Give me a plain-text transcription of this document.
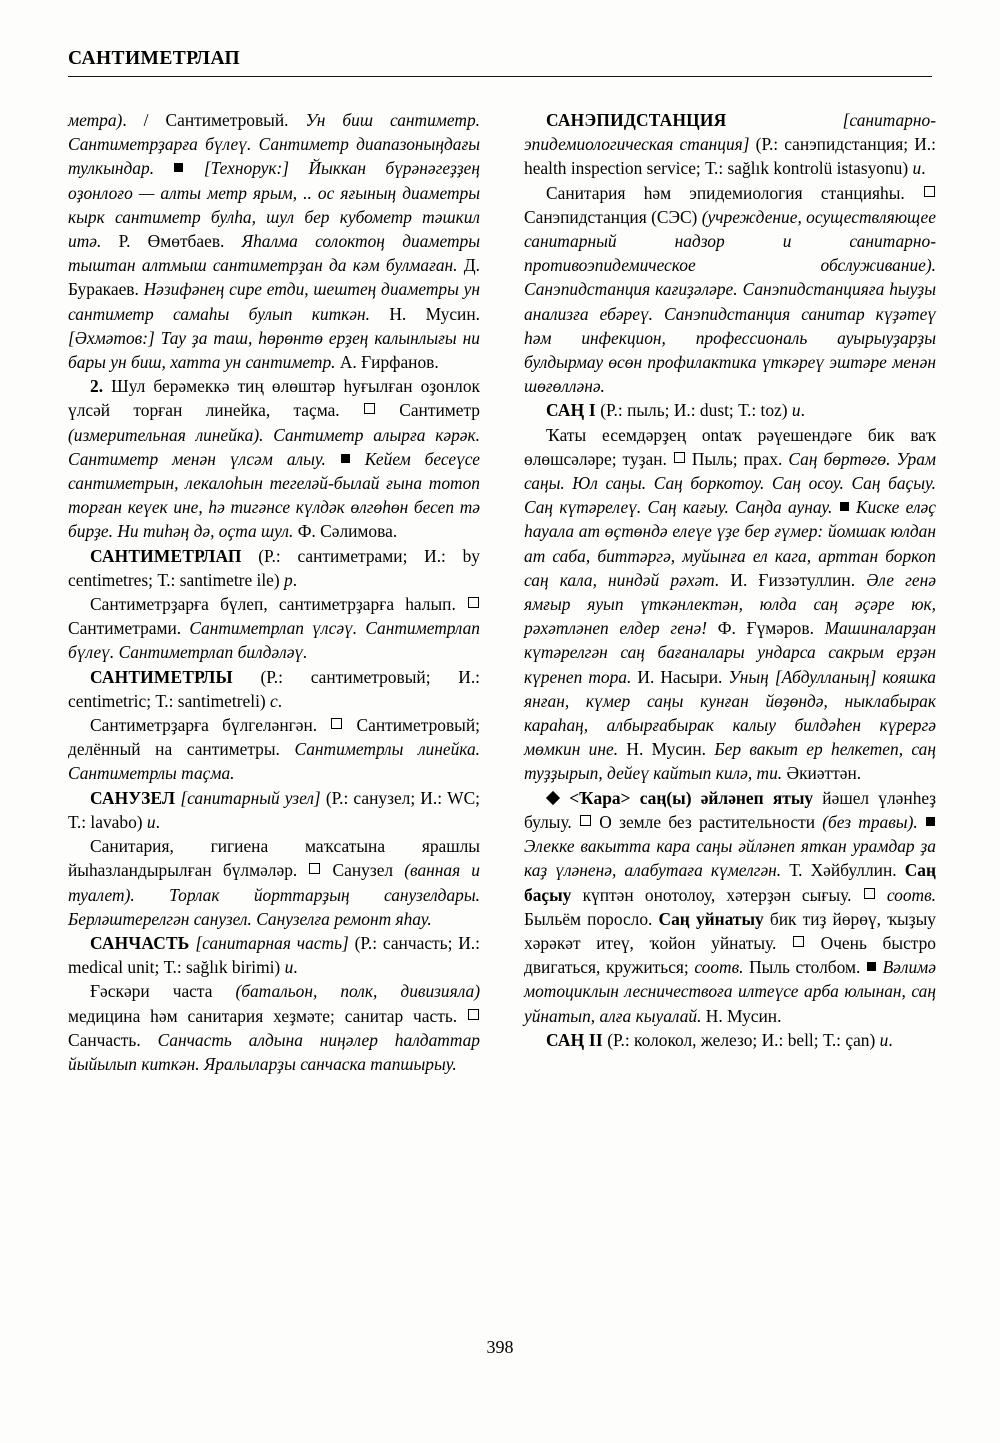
САНТИМЕТРЛАП

метра). / Сантиметровый. Ун биш сантиметр. Сантиметрҙарға бүлеү. Сантиметр диапазоныңдағы тулкындар.	[Технорук:] Йыккан бүрәнәгеҙҙең оҙонлоғо — алты метр ярым, .. ос яғының диаметры кырк сантиметр булһа, шул бер кубометр тәшкил итә. Р. Өмөтбаев. Яһалма солоктоң диаметры тыштан алтмыш сантиметрҙан да кәм булмаған. Д. Буракаев. Нәзифәнең сире етди, шештең диаметры ун сантиметр самаһы булып киткән. Н. Мусин. [Әхмәтов:] Тау ҙа таш, һөрөнтө ерҙең калынлығы ни бары ун биш, хатта ун сантиметр. А. Ғирфанов.

2. Шул берәмеккә тиң өлөштәр һуғылған оҙонлок үлсәй торған линейка, таҫма.  Сантиметр (измерительная линейка). Сантиметр алырға кәрәк. Сантиметр менән үлсәм алыу. Кейем бесеүсе сантиметрын, лекалоһын тегеләй-былай ғына тотоп торған кеүек ине, һә тигәнсе күлдәк өлгөһөн бесеп тә бирҙе. Ни тиһәң дә, оҫта шул. Ф. Сәлимова.

САНТИМЕТРЛАП (Р.: сантиметрами; И.: by centimetres; Т.: santimetre ile) p.

Сантиметрҙарға бүлеп, сантиметрҙарға һалып.  Сантиметрами. Сантиметрлап үлсәү. Сантиметрлап бүлеү. Сантиметрлап билдәләү.

САНТИМЕТРЛЫ (Р.: сантиметровый; И.: centimetric; Т.: santimetreli) с.

Сантиметрҙарға бүлгеләнгән.  Сантиметровый; делённый на сантиметры. Сантиметрлы линейка. Сантиметрлы таҫма.

САНУЗЕЛ [санитарный узел] (Р.: санузел; И.: WC; Т.: lavabo) и.

Санитария, гигиена маҡсатына ярашлы йыһазландырылған бүлмәләр.  Санузел (ванная и туалет). Торлак йорттарҙың санузелдары. Берләштерелгән санузел. Санузелға ремонт яһау.

САНЧАСТЬ [санитарная часть] (Р.: санчасть; И.: medical unit; Т.: sağlık birimi) и.

Ғәскәри часта (батальон, полк, дивизияла) медицина һәм санитария хеҙмәте; санитар часть.  Санчасть. Санчасть алдына ниңәлер һалдаттар йыйылып киткән. Яралыларҙы санчаска тапшырыу.

САНЭПИДСТАНЦИЯ	[санитарно-эпидемиологическая станция] (Р.: санэпидстанция; И.: health inspection service; Т.: sağlık kontrolü istasyonu) и.

Санитария һәм эпидемиология станцияһы.  Санэпидстанция (СЭС) (учреждение, осуществляющее санитарный надзор и санитарно-противоэпидемическое обслуживание). Санэпидстанция кағиҙәләре. Санэпидстанцияға һыуҙы анализға ебәреү. Санэпидстанция санитар күҙәтеү һәм инфекцион, профессиональ ауырыуҙарҙы булдырмау өсөн профилактика үткәреү эштәре менән шөғөлләнә.

САҢ I (Р.: пыль; И.: dust; Т.: toz) и.

Ҡаты есемдәрҙең ontaҡ рәүешендәге бик ваҡ өлөшсәләре; туҙан.  Пыль; прах. Саң бөртөгө. Урам саңы. Юл саңы. Саң боркотоу. Саң осоу. Саң баҫыу. Саң күтәрелеү. Саң кағыу. Саңда аунау. Киске еләҫ һауала ат өҫтөндә елеүе үҙе бер ғүмер: йомшак юлдан ат саба, биттәргә, муйынға ел кага, арттан боркоп саң кала, ниндәй рәхәт. И. Ғиззәтуллин. Әле генә ямғыр яуып үткәнлектән, юлда саң әҫәре юк, рәхәтләнеп елдер генә! Ф. Ғүмәров. Машиналарҙан күтәрелгән саң бағаналары ундарса сакрым ерҙән күренеп тора. И. Насыри. Уның [Абдулланың] кояшка янған, күмер саңы кунған йөҙөндә, ныклабырак караһаң, албырғабырак калыу билдәһен күрергә мөмкин ине. Н. Мусин. Бер вакыт ер һелкетеп, саң туҙҙырып, дейеү кайтып килә, ти. Әкиәттән.

<Ҡара> саң(ы) әйләнеп ятыу йәшел үләнһеҙ булыу.  О земле без растительности (без травы).  Элекке вакытта кара саңы әйләнеп яткан урамдар ҙа каҙ үләненә, алабутаға күмелгән. Т. Хәйбуллин. Саң баҫыу күптән онотолоу, хәтерҙән сығыу.  соотв. Быльём поросло. Саң уйнатыу бик тиҙ йөрөү, ҡыҙыу хәрәкәт итеү, ҡойон уйнатыу.  Очень быстро двигаться, кружиться; соотв. Пыль столбом. Вәлимә мотоциклын лесничествоға илтеүсе арба юлынан, саң уйнатып, алға кыуалай. Н. Мусин.

САҢ II (Р.: колокол, железо; И.: bell; Т.: çan) и.

398
